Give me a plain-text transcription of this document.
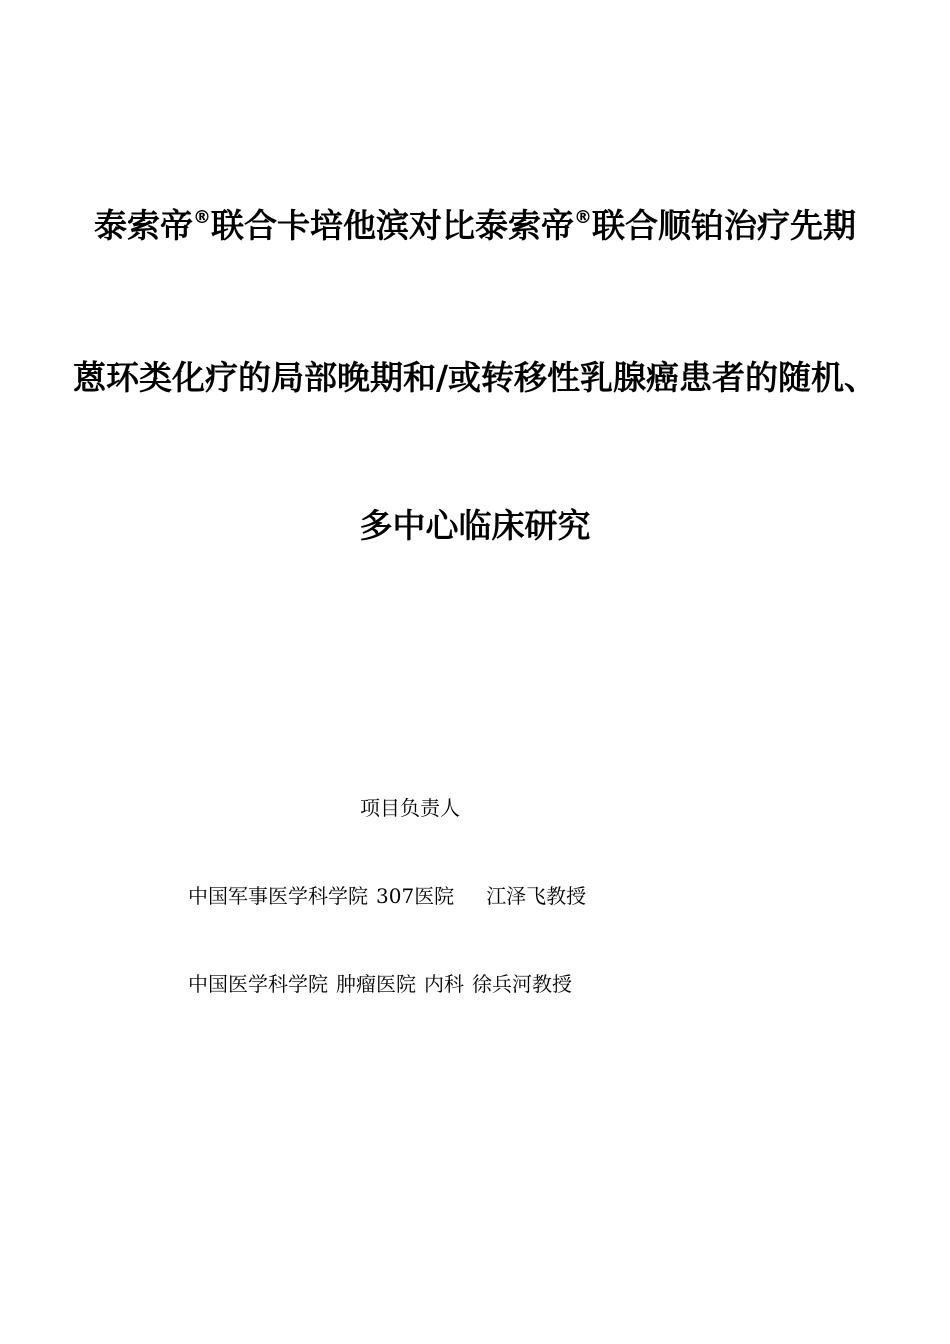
泰索帝®联合卡培他滨对比泰索帝®联合顺铂治疗先期
蒽环类化疗的局部晚期和/或转移性乳腺癌患者的随机、
多中心临床研究
项目负责人
中国军事医学科学院 307医院 江泽飞教授
中国医学科学院 肿瘤医院 内科 徐兵河教授
